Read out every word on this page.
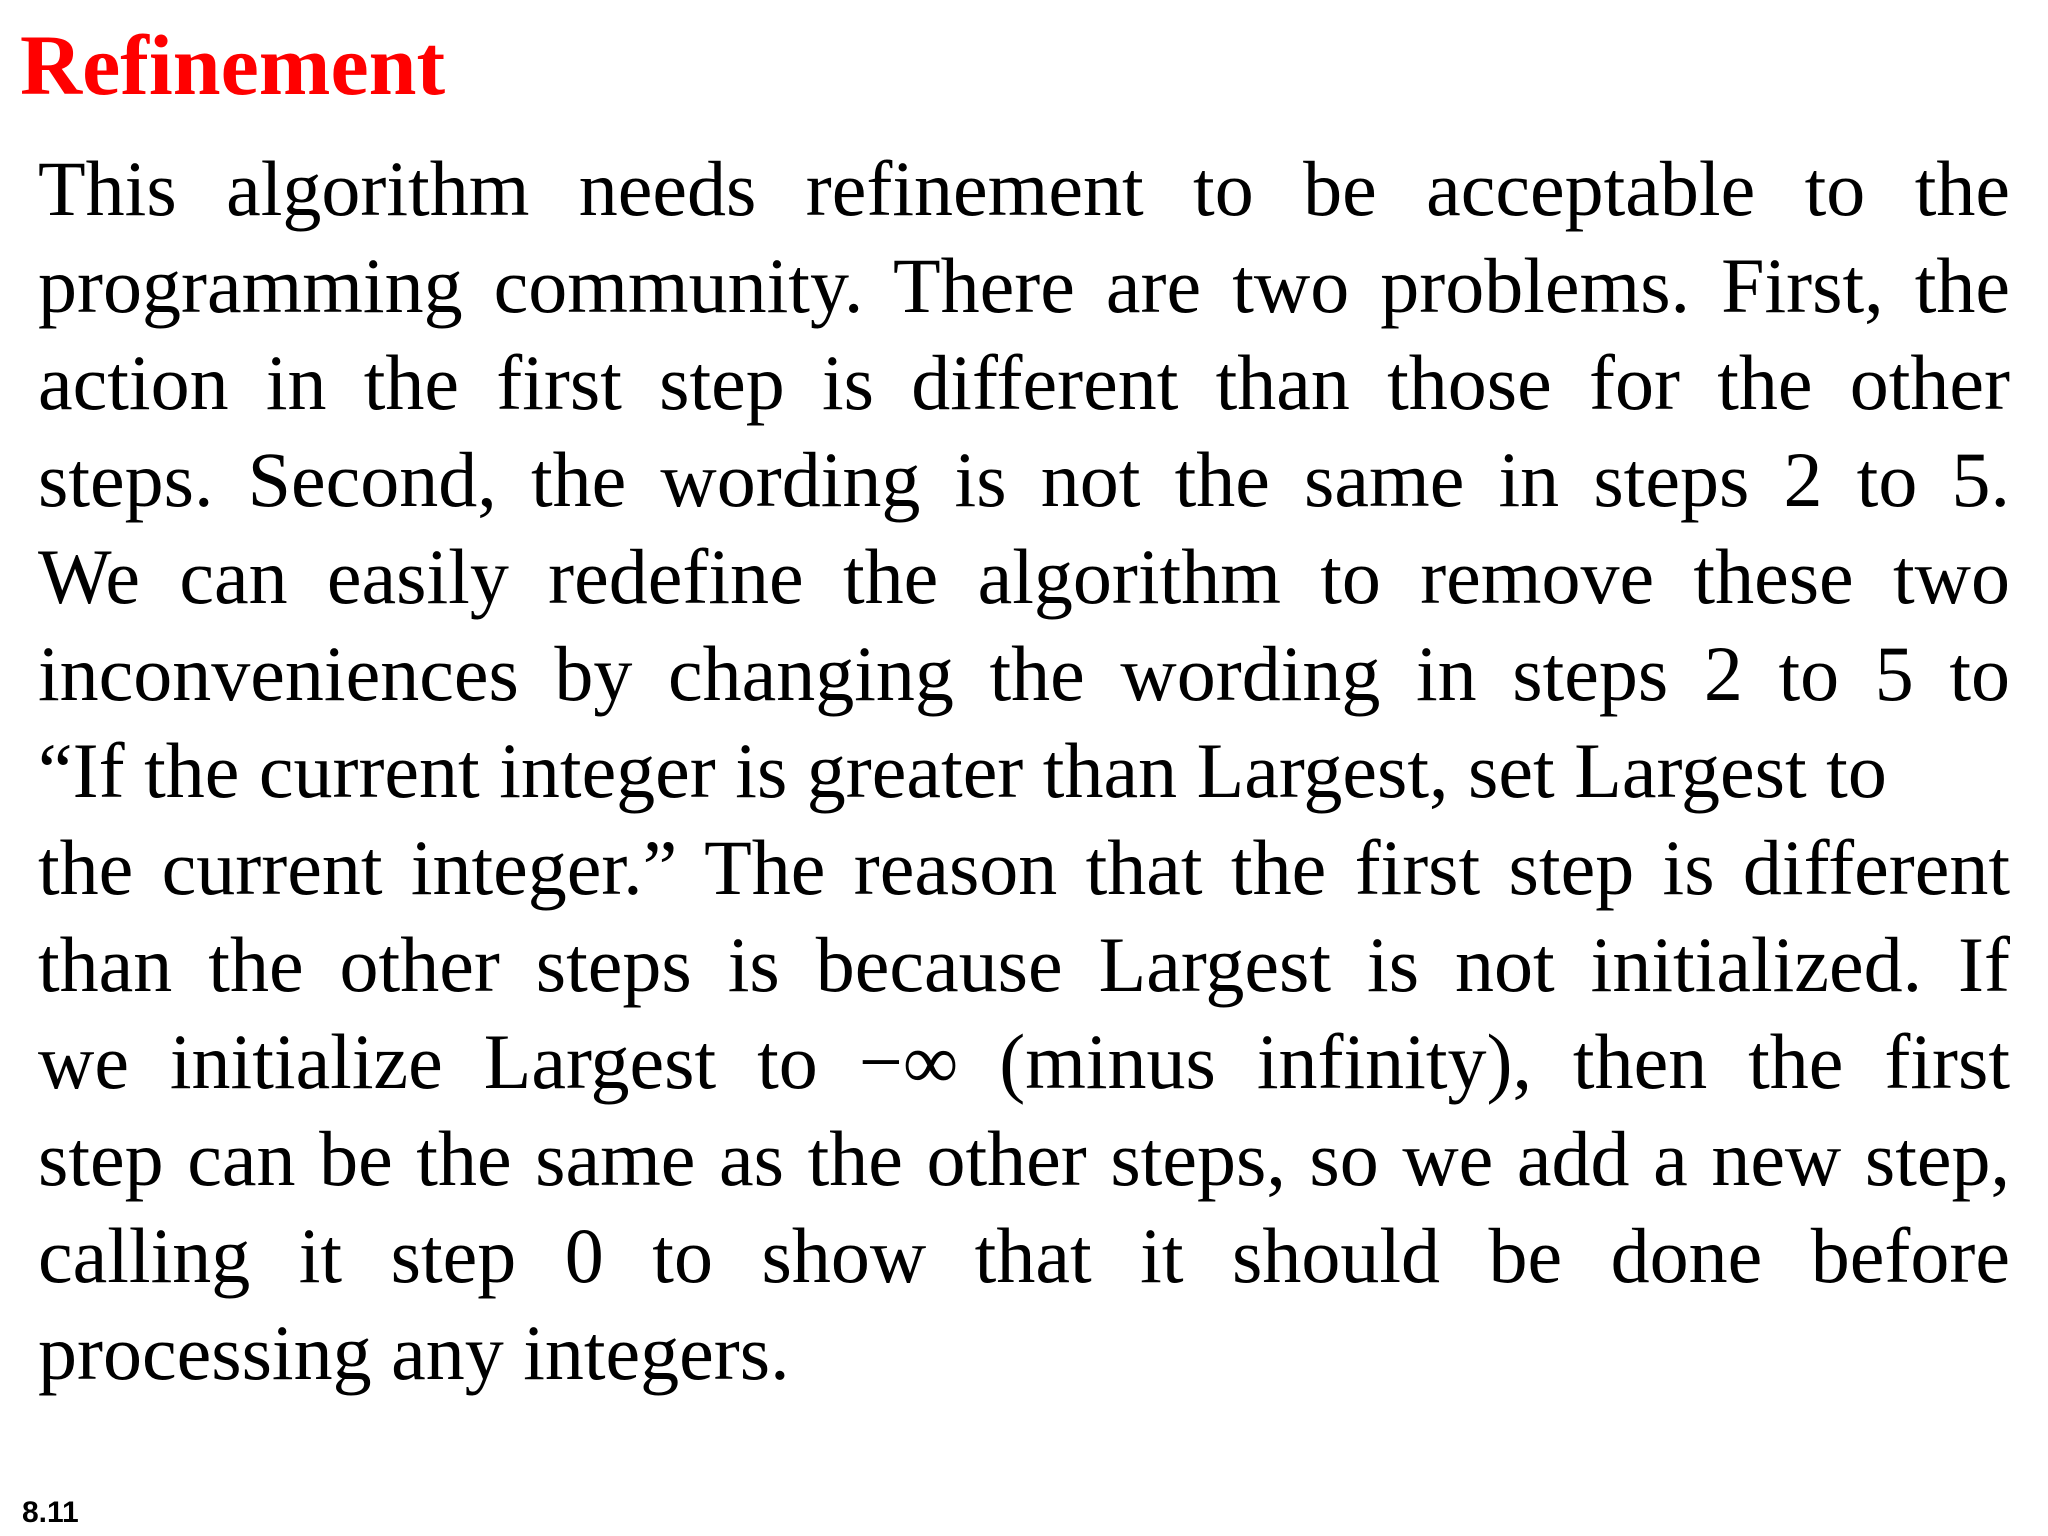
Refinement
This algorithm needs refinement to be acceptable to the
programming community. There are two problems. First, the
action in the first step is different than those for the other
steps. Second, the wording is not the same in steps 2 to 5.
We can easily redefine the algorithm to remove these two
inconveniences by changing the wording in steps 2 to 5 to
“If the current integer is greater than Largest, set Largest to
the current integer.” The reason that the first step is different
than the other steps is because Largest is not initialized. If
we initialize Largest to −∞ (minus infinity), then the first
step can be the same as the other steps, so we add a new step,
calling it step 0 to show that it should be done before
processing any integers.
8.11
